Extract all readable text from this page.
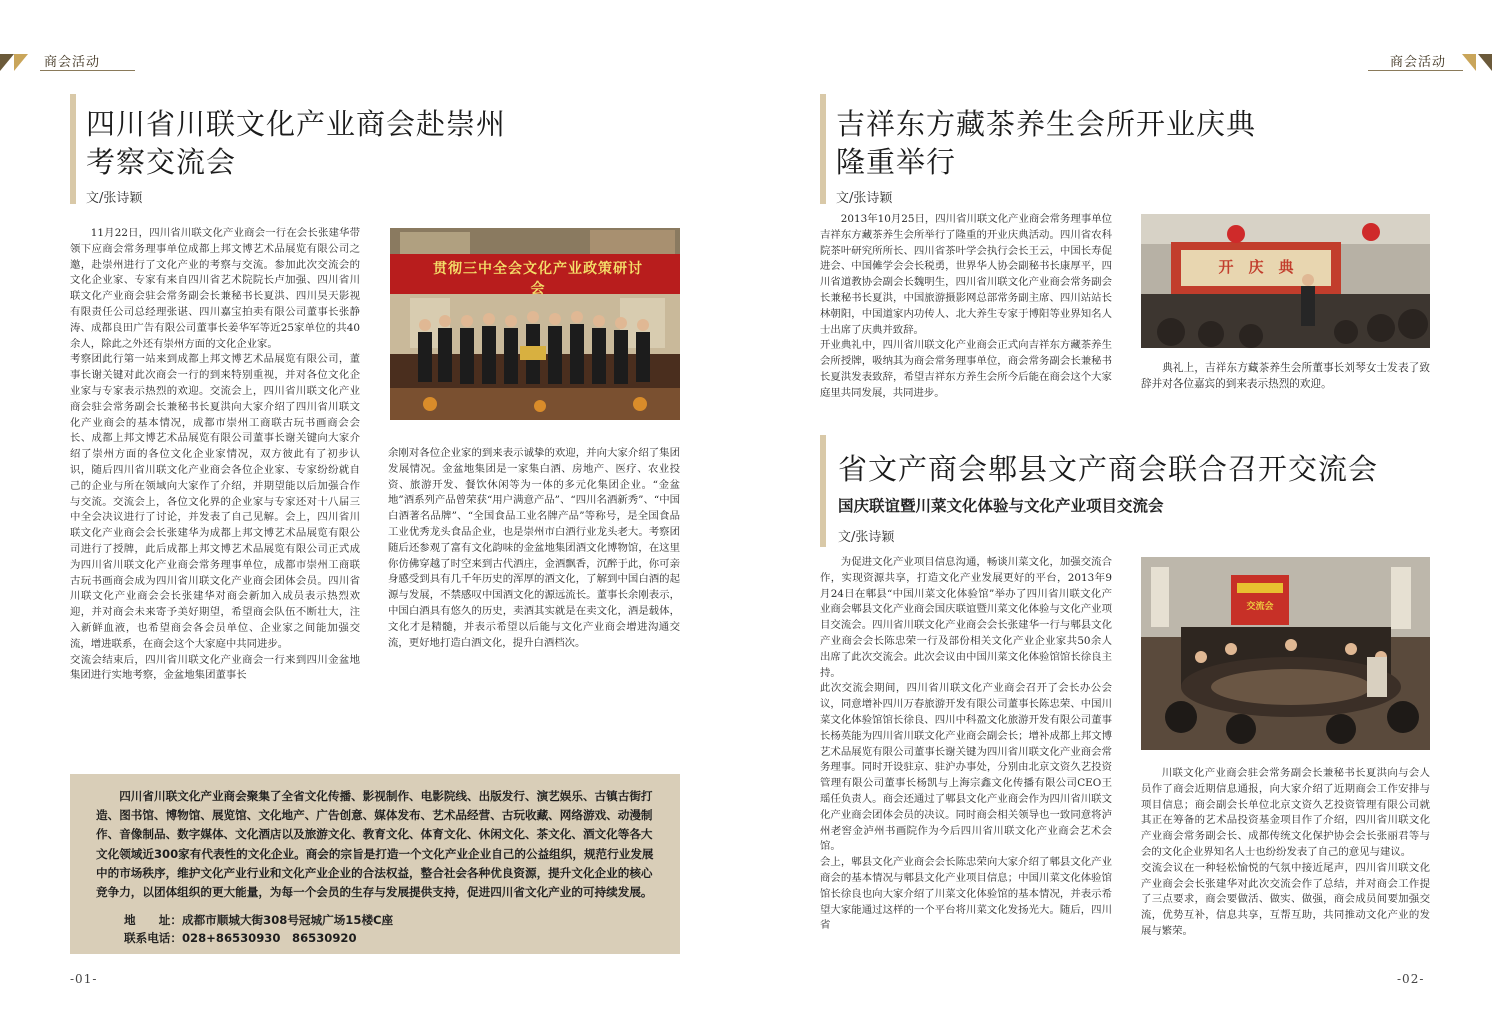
商会活动	商会活动
四川省川联文化产业商会赴崇州
考察交流会
文/张诗颖

11月22日，四川省川联文化产业商会一行在会长张建华带领下应商会常务理事单位成都上邦文博艺术品展览有限公司之邀，赴崇州进行了文化产业的考察与交流。参加此次交流会的文化企业家、专家有来自四川省艺术院院长卢加强、四川省川联文化产业商会驻会常务副会长兼秘书长夏洪、四川昊天影视有限责任公司总经理张谌、四川嘉宝拍卖有限公司董事长张静涛、成都良田广告有限公司董事长姜华军等近25家单位的共40余人，除此之外还有崇州方面的文化企业家。
考察团此行第一站来到成都上邦文博艺术品展览有限公司，董事长谢关键对此次商会一行的到来特别重视，并对各位文化企业家与专家表示热烈的欢迎。交流会上，四川省川联文化产业商会驻会常务副会长兼秘书长夏洪向大家介绍了四川省川联文化产业商会的基本情况，成都市崇州工商联古玩书画商会会长、成都上邦文博艺术品展览有限公司董事长谢关键向大家介绍了崇州方面的各位文化企业家情况，双方彼此有了初步认识，随后四川省川联文化产业商会各位企业家、专家纷纷就自己的企业与所在领域向大家作了介绍，并期望能以后加强合作与交流。交流会上，各位文化界的企业家与专家还对十八届三中全会决议进行了讨论，并发表了自己见解。会上，四川省川联文化产业商会会长张建华为成都上邦文博艺术品展览有限公司进行了授牌，此后成都上邦文博艺术品展览有限公司正式成为四川省川联文化产业商会常务理事单位，成都市崇州工商联古玩书画商会成为四川省川联文化产业商会团体会员。四川省川联文化产业商会会长张建华对商会新加入成员表示热烈欢迎，并对商会未来寄予美好期望，希望商会队伍不断壮大，注入新鲜血液，也希望商会各会员单位、企业家之间能加强交流，增进联系，在商会这个大家庭中共同进步。
交流会结束后，四川省川联文化产业商会一行来到四川金盆地集团进行实地考察，金盆地集团董事长

贯彻三中全会文化产业政策研讨会

余刚对各位企业家的到来表示诚挚的欢迎，并向大家介绍了集团发展情况。金盆地集团是一家集白酒、房地产、医疗、农业投资、旅游开发、餐饮休闲等为一体的多元化集团企业。“金盆地”酒系列产品曾荣获“用户满意产品”、“四川名酒新秀”、“中国白酒著名品牌”、“全国食品工业名牌产品”等称号，是全国食品工业优秀龙头食品企业，也是崇州市白酒行业龙头老大。考察团随后还参观了富有文化韵味的金盆地集团酒文化博物馆，在这里你仿佛穿越了时空来到古代酒庄，金酒飘香，沉醉于此，你可亲身感受到具有几千年历史的浑厚的酒文化，了解到中国白酒的起源与发展，不禁感叹中国酒文化的源远流长。董事长余刚表示，中国白酒具有悠久的历史，卖酒其实就是在卖文化，酒是载体，文化才是精髓，并表示希望以后能与文化产业商会增进沟通交流，更好地打造白酒文化，提升白酒档次。

四川省川联文化产业商会聚集了全省文化传播、影视制作、电影院线、出版发行、演艺娱乐、古镇古街打造、图书馆、博物馆、展览馆、文化地产、广告创意、媒体发布、艺术品经营、古玩收藏、网络游戏、动漫制作、音像制品、数字媒体、文化酒店以及旅游文化、教育文化、体育文化、休闲文化、茶文化、酒文化等各大文化领域近300家有代表性的文化企业。商会的宗旨是打造一个文化产业企业自己的公益组织，规范行业发展中的市场秩序，维护文化产业行业和文化产业企业的合法权益，整合社会各种优良资源，提升文化企业的核心竞争力，以团体组织的更大能量，为每一个会员的生存与发展提供支持，促进四川省文化产业的可持续发展。

地　　址：成都市顺城大街308号冠城广场15楼C座
联系电话：028+86530930　86530920
吉祥东方藏茶养生会所开业庆典
隆重举行
文/张诗颖

2013年10月25日，四川省川联文化产业商会常务理事单位吉祥东方藏茶养生会所举行了隆重的开业庆典活动。四川省农科院茶叶研究所所长、四川省茶叶学会执行会长王云，中国长寿促进会、中国傩学会会长税勇，世界华人协会副秘书长康厚平，四川省道教协会副会长魏明生，四川省川联文化产业商会常务副会长兼秘书长夏洪，中国旅游摄影网总部常务副主席、四川站站长林朝阳，中国道家内功传人、北大养生专家于博阳等业界知名人士出席了庆典并致辞。
开业典礼中，四川省川联文化产业商会正式向吉祥东方藏茶养生会所授牌，吸纳其为商会常务理事单位，商会常务副会长兼秘书长夏洪发表致辞，希望吉祥东方养生会所今后能在商会这个大家庭里共同发展，共同进步。

开　庆　典

典礼上，吉祥东方藏茶养生会所董事长刘琴女士发表了致辞并对各位嘉宾的到来表示热烈的欢迎。

省文产商会郫县文产商会联合召开交流会
国庆联谊暨川菜文化体验与文化产业项目交流会
文/张诗颖

为促进文化产业项目信息沟通，畅谈川菜文化，加强交流合作，实现资源共享，打造文化产业发展更好的平台，2013年9月24日在郫县“中国川菜文化体验馆”举办了四川省川联文化产业商会郫县文化产业商会国庆联谊暨川菜文化体验与文化产业项目交流会。四川省川联文化产业商会会长张建华一行与郫县文化产业商会会长陈忠荣一行及部份相关文化产业企业家共50余人出席了此次交流会。此次会议由中国川菜文化体验馆馆长徐良主持。
此次交流会期间，四川省川联文化产业商会召开了会长办公会议，同意增补四川万春旅游开发有限公司董事长陈忠荣、中国川菜文化体验馆馆长徐良、四川中科盈文化旅游开发有限公司董事长杨英能为四川省川联文化产业商会副会长；增补成都上邦文博艺术品展览有限公司董事长谢关键为四川省川联文化产业商会常务理事。同时开设驻京、驻沪办事处，分别由北京文资久艺投资管理有限公司董事长杨凯与上海宗鑫文化传播有限公司CEO王瑶任负责人。商会还通过了郫县文化产业商会作为四川省川联文化产业商会团体会员的决议。同时商会相关领导也一致同意将泸州老窖金泸州书画院作为今后四川省川联文化产业商会艺术会馆。
会上，郫县文化产业商会会长陈忠荣向大家介绍了郫县文化产业商会的基本情况与郫县文化产业项目信息；中国川菜文化体验馆馆长徐良也向大家介绍了川菜文化体验馆的基本情况，并表示希望大家能通过这样的一个平台将川菜文化发扬光大。随后，四川省

交流会

川联文化产业商会驻会常务副会长兼秘书长夏洪向与会人员作了商会近期信息通报，向大家介绍了近期商会工作安排与项目信息；商会副会长单位北京文资久艺投资管理有限公司就其正在筹备的艺术品投资基金项目作了介绍，四川省川联文化产业商会常务副会长、成都传统文化保护协会会长张丽君等与会的文化企业界知名人士也纷纷发表了自己的意见与建议。
交流会议在一种轻松愉悦的气氛中接近尾声，四川省川联文化产业商会会长张建华对此次交流会作了总结，并对商会工作提了三点要求，商会要做活、做实、做强，商会成员间要加强交流，优势互补，信息共享，互帮互助，共同推动文化产业的发展与繁荣。

-01-	-02-
